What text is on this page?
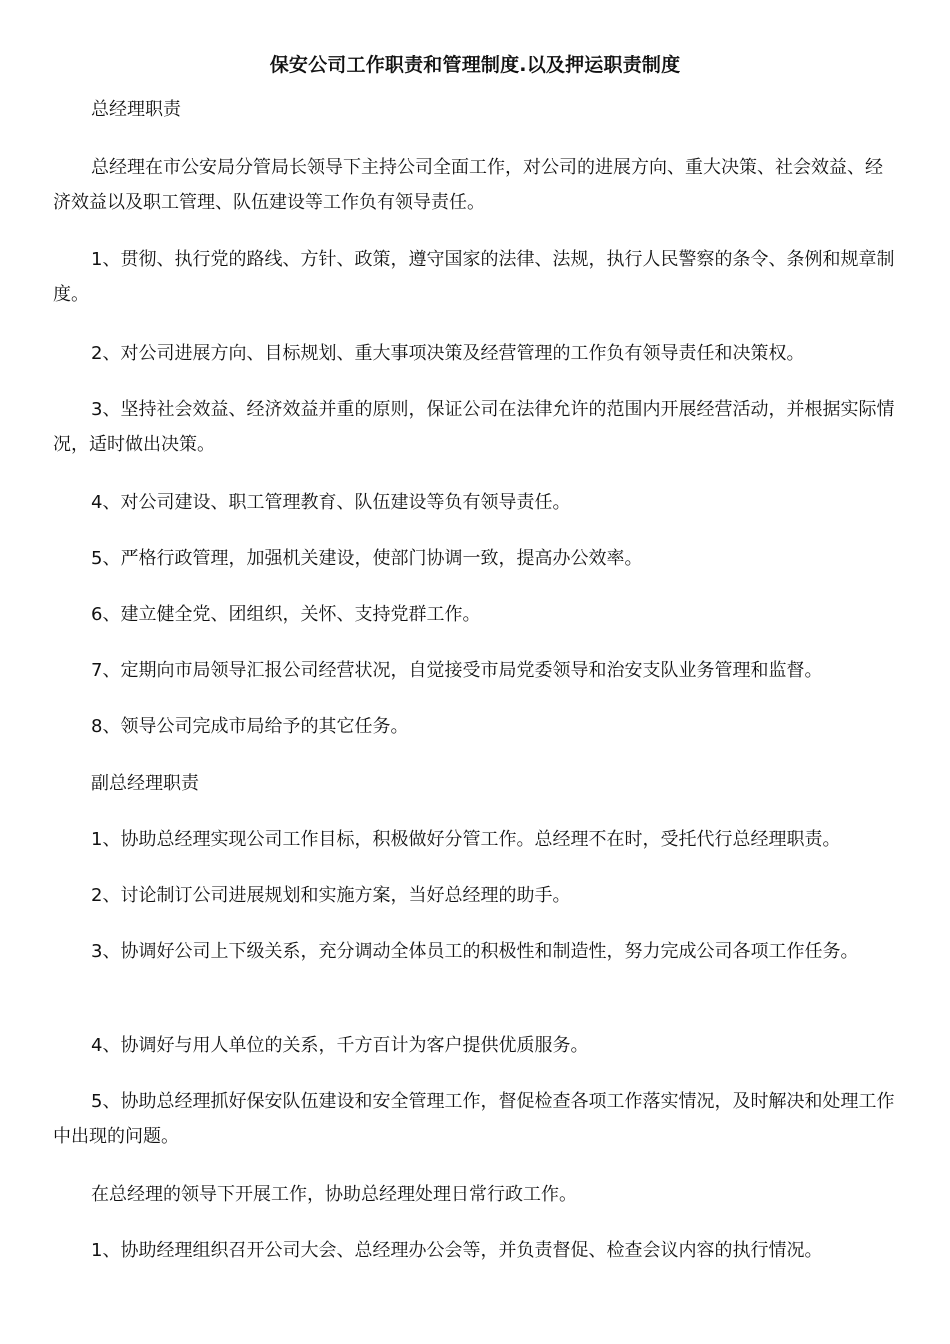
保安公司工作职责和管理制度.以及押运职责制度

总经理职责

总经理在市公安局分管局长领导下主持公司全面工作，对公司的进展方向、重大决策、社会效益、经济效益以及职工管理、队伍建设等工作负有领导责任。

1、贯彻、执行党的路线、方针、政策，遵守国家的法律、法规，执行人民警察的条令、条例和规章制度。

2、对公司进展方向、目标规划、重大事项决策及经营管理的工作负有领导责任和决策权。

3、坚持社会效益、经济效益并重的原则，保证公司在法律允许的范围内开展经营活动，并根据实际情况，适时做出决策。

4、对公司建设、职工管理教育、队伍建设等负有领导责任。

5、严格行政管理，加强机关建设，使部门协调一致，提高办公效率。

6、建立健全党、团组织，关怀、支持党群工作。

7、定期向市局领导汇报公司经营状况，自觉接受市局党委领导和治安支队业务管理和监督。

8、领导公司完成市局给予的其它任务。

副总经理职责

1、协助总经理实现公司工作目标，积极做好分管工作。总经理不在时，受托代行总经理职责。

2、讨论制订公司进展规划和实施方案，当好总经理的助手。

3、协调好公司上下级关系，充分调动全体员工的积极性和制造性，努力完成公司各项工作任务。

4、协调好与用人单位的关系，千方百计为客户提供优质服务。

5、协助总经理抓好保安队伍建设和安全管理工作，督促检查各项工作落实情况，及时解决和处理工作中出现的问题。

在总经理的领导下开展工作，协助总经理处理日常行政工作。

1、协助经理组织召开公司大会、总经理办公会等，并负责督促、检查会议内容的执行情况。
